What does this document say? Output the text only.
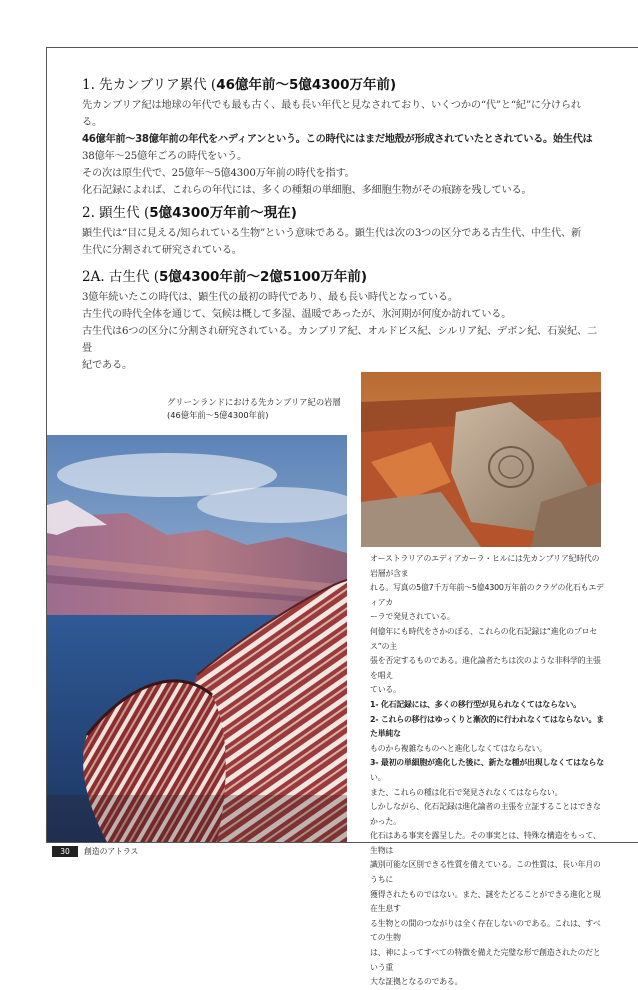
1. 先カンブリア累代 (46億年前～5億4300万年前)

先カンブリア紀は地球の年代でも最も古く、最も長い年代と見なされており、いくつかの“代”と“紀”に分けられる。

46億年前～38億年前の年代をハディアンという。この時代にはまだ地殻が形成されていたとされている。始生代は

38億年～25億年ごろの時代をいう。

その次は原生代で、25億年～5億4300万年前の時代を指す。

化石記録によれば、これらの年代には、多くの種類の単細胞、多細胞生物がその痕跡を残している。

2. 顕生代 (5億4300万年前～現在)

顕生代は“目に見える/知られている生物”という意味である。顕生代は次の3つの区分である古生代、中生代、新

生代に分割されて研究されている。

2A. 古生代 (5億4300年前～2億5100万年前)

3億年続いたこの時代は、顕生代の最初の時代であり、最も長い時代となっている。

古生代の時代全体を通じて、気候は概して多湿、温暖であったが、氷河期が何度か訪れている。

古生代は6つの区分に分割され研究されている。カンブリア紀、オルドビス紀、シルリア紀、デボン紀、石炭紀、二畳

紀である。

グリーンランドにおける先カンブリア紀の岩層
(46億年前～5億4300年前)
オーストラリアのエディアカーラ・ヒルには先カンブリア紀時代の岩層が含ま
れる。写真の5億7千万年前～5億4300万年前のクラゲの化石もエディアカ
ーラで発見されている。
何億年にも時代をさかのぼる、これらの化石記録は“進化のプロセス”の主
張を否定するものである。進化論者たちは次のような非科学的主張を唱え
ている。
1- 化石記録には、多くの移行型が見られなくてはならない。
2- これらの移行はゆっくりと漸次的に行われなくてはならない。また単純な
ものから複雑なものへと進化しなくてはならない。
3- 最初の単細胞が進化した後に、新たな種が出現しなくてはならな
い。
また、これらの種は化石で発見されなくてはならない。
しかしながら、化石記録は進化論者の主張を立証することはできなかった。
化石はある事実を露呈した。その事実とは、特殊な構造をもって、生物は
識別可能な区別できる性質を備えている。この性質は、長い年月のうちに
獲得されたものではない。また、謎をたどることができる進化と現在生息す
る生物との間のつながりは全く存在しないのである。これは、すべての生物
は、神によってすべての特徴を備えた完璧な形で創造されたのだという重
大な証拠となるのである。
30	創造のアトラス
